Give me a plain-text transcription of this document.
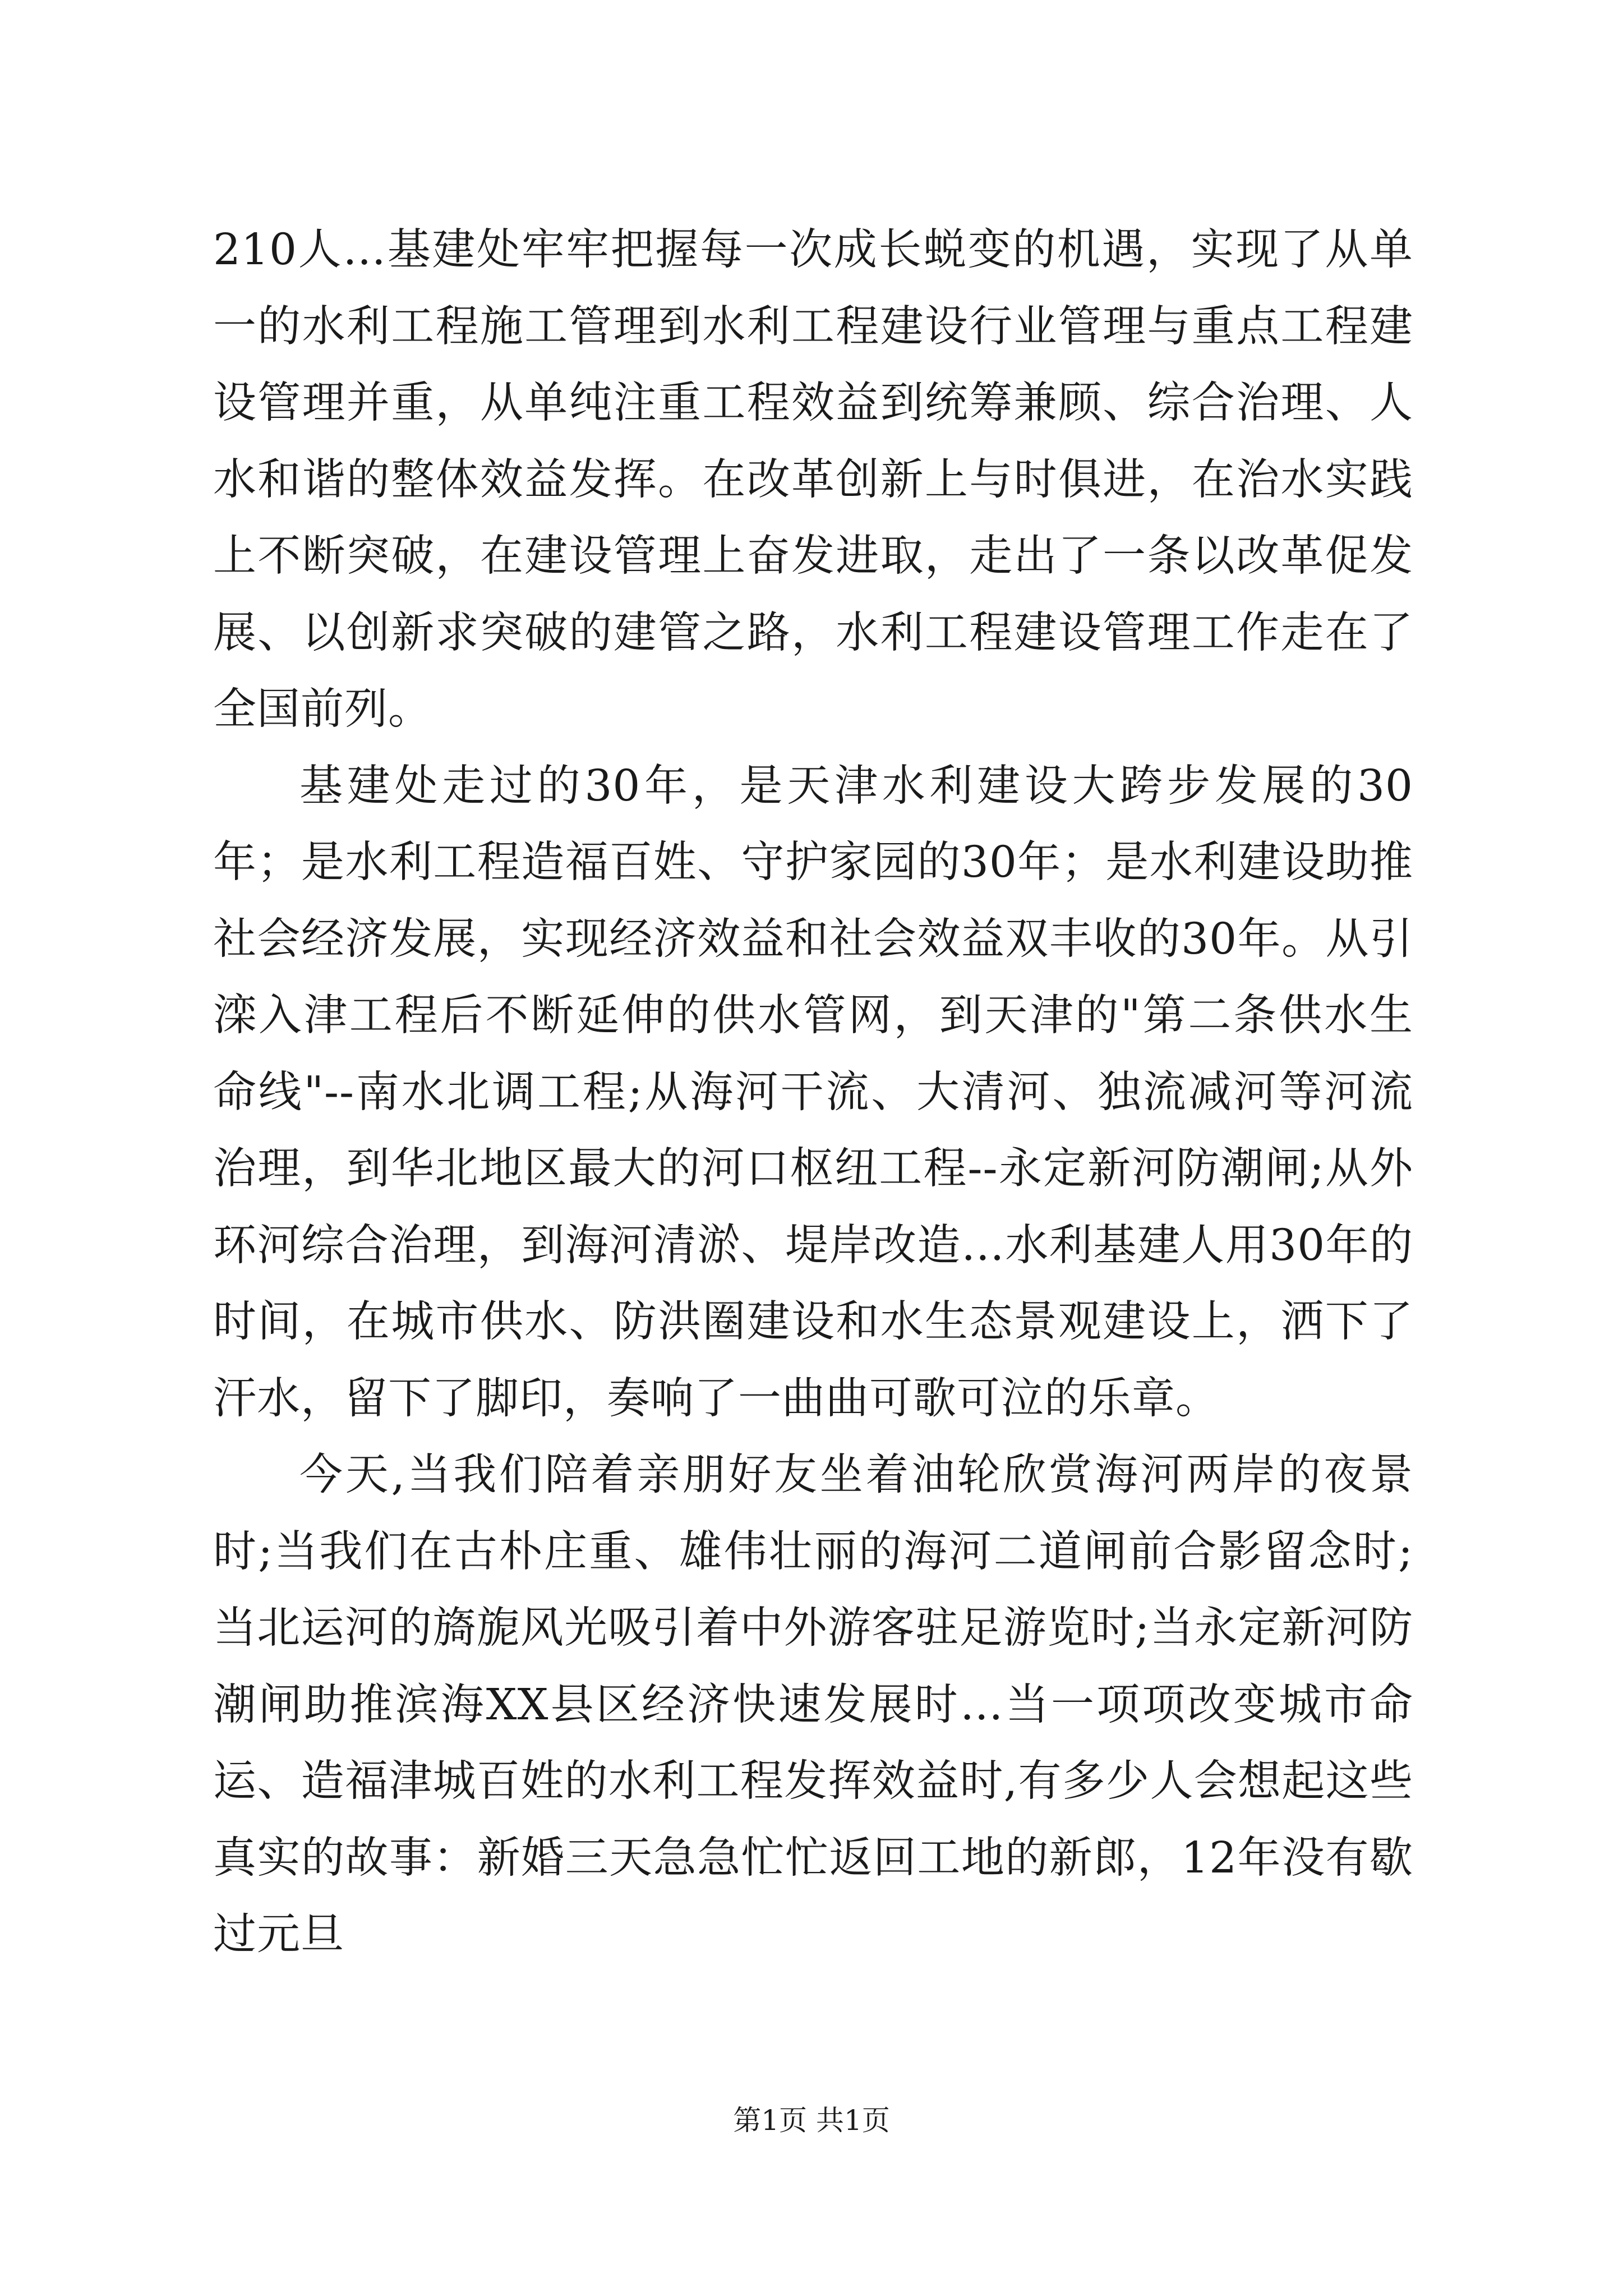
210人…基建处牢牢把握每一次成长蜕变的机遇，实现了从单一的水利工程施工管理到水利工程建设行业管理与重点工程建设管理并重，从单纯注重工程效益到统筹兼顾、综合治理、人水和谐的整体效益发挥。在改革创新上与时俱进，在治水实践上不断突破，在建设管理上奋发进取，走出了一条以改革促发展、以创新求突破的建管之路，水利工程建设管理工作走在了全国前列。

基建处走过的30年，是天津水利建设大跨步发展的30年；是水利工程造福百姓、守护家园的30年；是水利建设助推社会经济发展，实现经济效益和社会效益双丰收的30年。从引滦入津工程后不断延伸的供水管网，到天津的"第二条供水生命线"--南水北调工程;从海河干流、大清河、独流减河等河流治理，到华北地区最大的河口枢纽工程--永定新河防潮闸;从外环河综合治理，到海河清淤、堤岸改造…水利基建人用30年的时间，在城市供水、防洪圈建设和水生态景观建设上，洒下了汗水，留下了脚印，奏响了一曲曲可歌可泣的乐章。

今天,当我们陪着亲朋好友坐着油轮欣赏海河两岸的夜景时;当我们在古朴庄重、雄伟壮丽的海河二道闸前合影留念时;当北运河的旖旎风光吸引着中外游客驻足游览时;当永定新河防潮闸助推滨海XX县区经济快速发展时…当一项项改变城市命运、造福津城百姓的水利工程发挥效益时,有多少人会想起这些真实的故事：新婚三天急急忙忙返回工地的新郎，12年没有歇过元旦

第1页 共1页
